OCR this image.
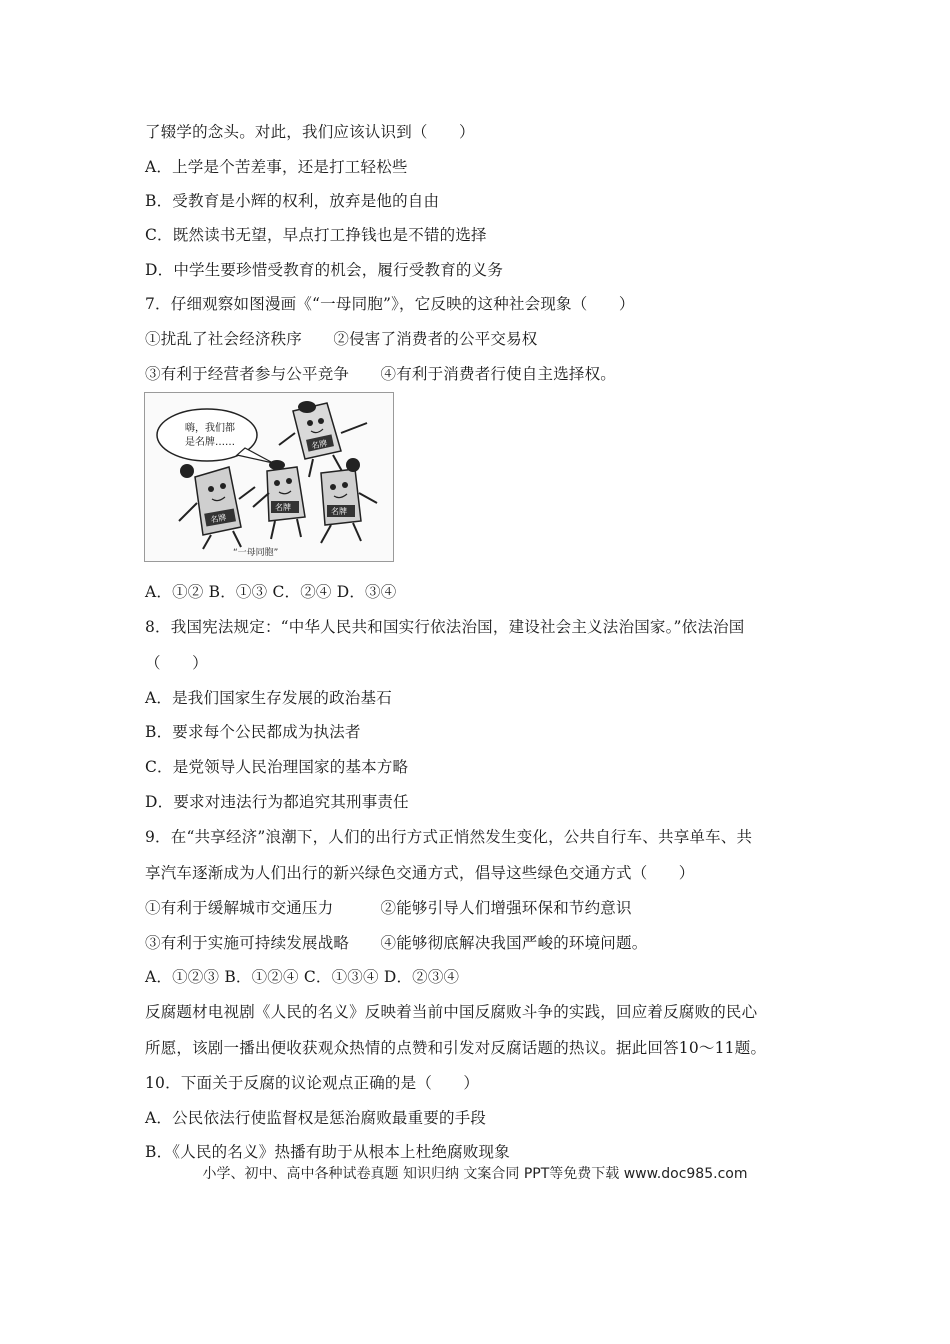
了辍学的念头。对此，我们应该认识到（　　）
A．上学是个苦差事，还是打工轻松些
B．受教育是小辉的权利，放弃是他的自由
C．既然读书无望，早点打工挣钱也是不错的选择
D．中学生要珍惜受教育的机会，履行受教育的义务
7．仔细观察如图漫画《“一母同胞”》，它反映的这种社会现象（　　）
①扰乱了社会经济秩序　　②侵害了消费者的公平交易权
③有利于经营者参与公平竞争　　④有利于消费者行使自主选择权。
嗨，我们都
是名牌……	名牌
名牌
名牌	名牌
“一母同胞”
A．①② B．①③ C．②④ D．③④
8．我国宪法规定：“中华人民共和国实行依法治国，建设社会主义法治国家。”依法治国
（　　）
A．是我们国家生存发展的政治基石
B．要求每个公民都成为执法者
C．是党领导人民治理国家的基本方略
D．要求对违法行为都追究其刑事责任
9．在“共享经济”浪潮下，人们的出行方式正悄然发生变化，公共自行车、共享单车、共
享汽车逐渐成为人们出行的新兴绿色交通方式，倡导这些绿色交通方式（　　）
①有利于缓解城市交通压力　　　②能够引导人们增强环保和节约意识
③有利于实施可持续发展战略　　④能够彻底解决我国严峻的环境问题。
A．①②③ B．①②④ C．①③④ D．②③④
反腐题材电视剧《人民的名义》反映着当前中国反腐败斗争的实践，回应着反腐败的民心
所愿，该剧一播出便收获观众热情的点赞和引发对反腐话题的热议。据此回答10～11题。
10．下面关于反腐的议论观点正确的是（　　）
A．公民依法行使监督权是惩治腐败最重要的手段
B．《人民的名义》热播有助于从根本上杜绝腐败现象
小学、初中、高中各种试卷真题 知识归纳 文案合同 PPT等免费下载 www.doc985.com
